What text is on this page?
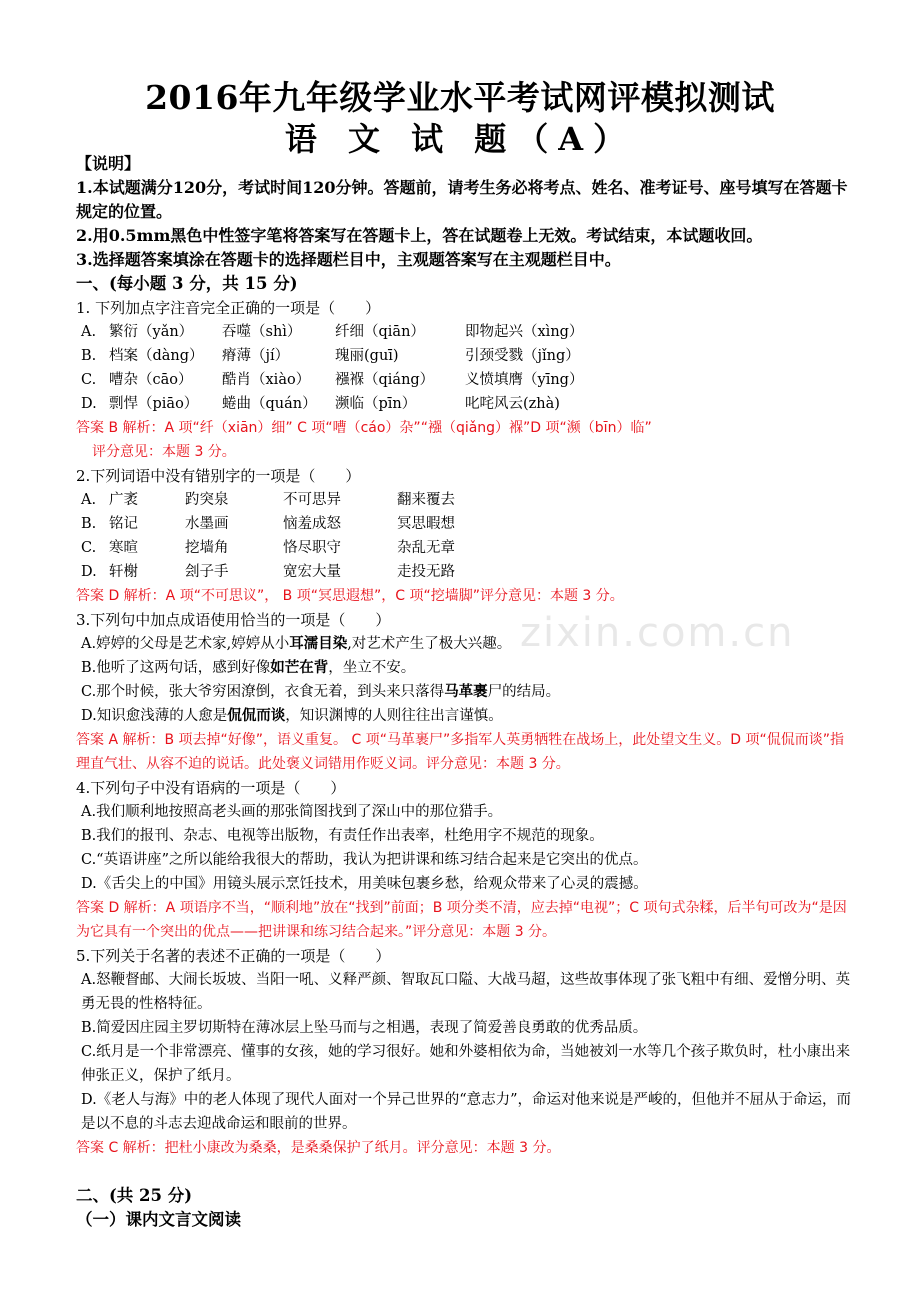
zixin.com.cn
2016年九年级学业水平考试网评模拟测试
语 文 试 题（A）
【说明】
1.本试题满分120分，考试时间120分钟。答题前，请考生务必将考点、姓名、准考证号、座号填写在答题卡规定的位置。
2.用0.5mm黑色中性签字笔将答案写在答题卡上，答在试题卷上无效。考试结束，本试题收回。
3.选择题答案填涂在答题卡的选择题栏目中，主观题答案写在主观题栏目中。
一、(每小题 3 分，共 15 分)
1. 下列加点字注音完全正确的一项是（　　）
A. 繁衍（yǎn）	吞噬（shì）	纤细（qiān）	即物起兴（xìng）
B. 档案（dàng）	瘠薄（jí）	瑰丽(guī)	引颈受戮（jǐng）
C. 嘈杂（cāo）	酷肖（xiào）	襁褓（qiáng）	义愤填膺（yīng）
D. 剽悍（piāo）	蜷曲（quán）	濒临（pīn）	叱咤风云(zhà)
答案 B 解析：A 项“纤（xiān）细” C 项“嘈（cáo）杂”“襁（qiǎng）褓”D 项“濒（bīn）临”
评分意见：本题 3 分。
2.下列词语中没有错别字的一项是（　　）
A. 广袤	趵突泉	不可思异	翻来覆去
B. 铭记	水墨画	恼羞成怒	冥思暇想
C. 寒暄	挖墙角	恪尽职守	杂乱无章
D. 轩榭	刽子手	宽宏大量	走投无路
答案 D 解析：A 项“不可思议”， B 项“冥思遐想”，C 项“挖墙脚”评分意见：本题 3 分。
3.下列句中加点成语使用恰当的一项是（　　）
A.婷婷的父母是艺术家,婷婷从小耳濡目染,对艺术产生了极大兴趣。
B.他听了这两句话，感到好像如芒在背，坐立不安。
C.那个时候，张大爷穷困潦倒，衣食无着，到头来只落得马革裹尸的结局。
D.知识愈浅薄的人愈是侃侃而谈，知识渊博的人则往往出言谨慎。
答案 A 解析：B 项去掉“好像”，语义重复。 C 项“马革裹尸”多指军人英勇牺牲在战场上，此处望文生义。D 项“侃侃而谈”指理直气壮、从容不迫的说话。此处褒义词错用作贬义词。评分意见：本题 3 分。
4.下列句子中没有语病的一项是（　　）
A.我们顺利地按照高老头画的那张简图找到了深山中的那位猎手。
B.我们的报刊、杂志、电视等出版物，有责任作出表率，杜绝用字不规范的现象。
C.“英语讲座”之所以能给我很大的帮助，我认为把讲课和练习结合起来是它突出的优点。
D.《舌尖上的中国》用镜头展示烹饪技术，用美味包裹乡愁，给观众带来了心灵的震撼。
答案 D 解析：A 项语序不当，“顺利地”放在“找到”前面；B 项分类不清，应去掉“电视”；C 项句式杂糅，后半句可改为“是因为它具有一个突出的优点——把讲课和练习结合起来。”评分意见：本题 3 分。
5.下列关于名著的表述不正确的一项是（　　）
A.怒鞭督邮、大闹长坂坡、当阳一吼、义释严颜、智取瓦口隘、大战马超，这些故事体现了张飞粗中有细、爱憎分明、英勇无畏的性格特征。
B.简爱因庄园主罗切斯特在薄冰层上坠马而与之相遇，表现了简爱善良勇敢的优秀品质。
C.纸月是一个非常漂亮、懂事的女孩，她的学习很好。她和外婆相依为命，当她被刘一水等几个孩子欺负时，杜小康出来伸张正义，保护了纸月。
D.《老人与海》中的老人体现了现代人面对一个异己世界的“意志力”，命运对他来说是严峻的，但他并不屈从于命运，而是以不息的斗志去迎战命运和眼前的世界。
答案 C 解析：把杜小康改为桑桑，是桑桑保护了纸月。评分意见：本题 3 分。
二、(共 25 分)
（一）课内文言文阅读
